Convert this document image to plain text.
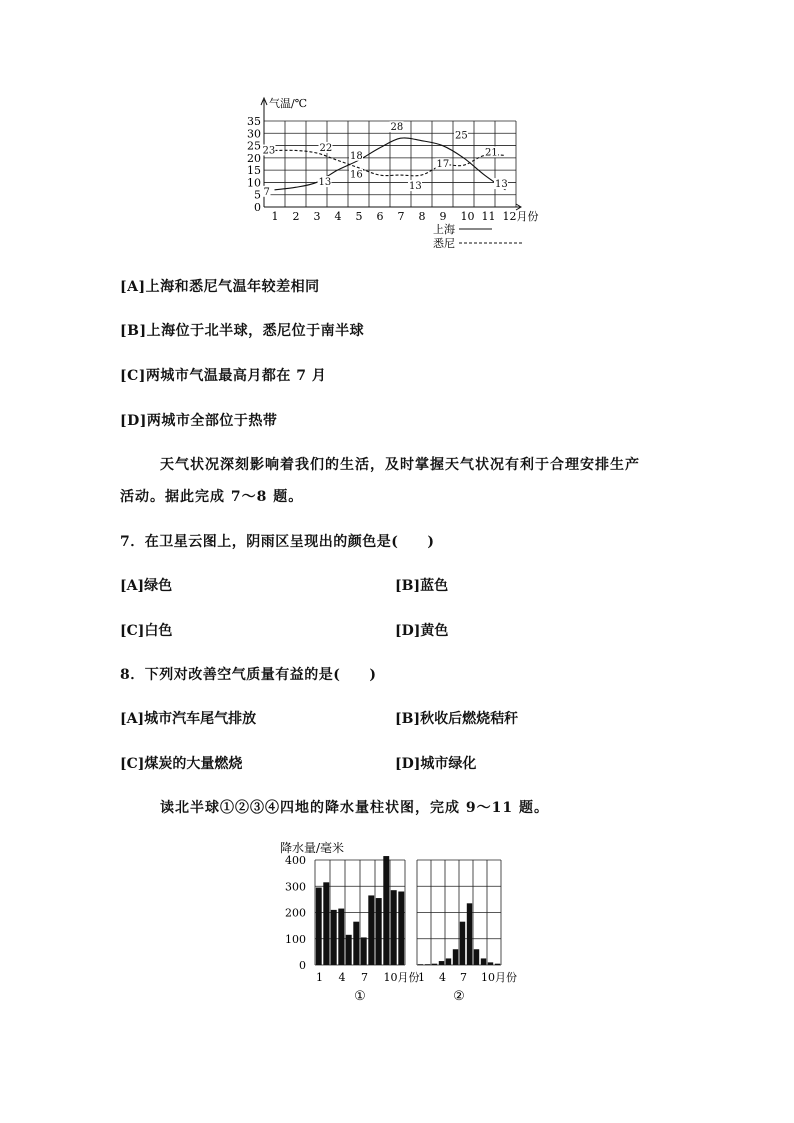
0
5
10
15
20
25
30
35
气温/℃
1 2 3 4 5 6 7 8 9 10 11 12月份
7
23	22
13
18
16
28
13
25
17
21
13
上海
悉尼
[A]上海和悉尼气温年较差相同
[B]上海位于北半球，悉尼位于南半球
[C]两城市气温最高月都在 7 月
[D]两城市全部位于热带
天气状况深刻影响着我们的生活，及时掌握天气状况有利于合理安排生产
活动。据此完成 7～8 题。
7．在卫星云图上，阴雨区呈现出的颜色是(　　)
[A]绿色	[B]蓝色
[C]白色	[D]黄色
8．下列对改善空气质量有益的是(　　)
[A]城市汽车尾气排放	[B]秋收后燃烧秸秆
[C]煤炭的大量燃烧	[D]城市绿化
读北半球①②③④四地的降水量柱状图，完成 9～11 题。
降水量/毫米
0
100
200
300
400
1 4 7 10月份
①
1 4 7 10月份
②
